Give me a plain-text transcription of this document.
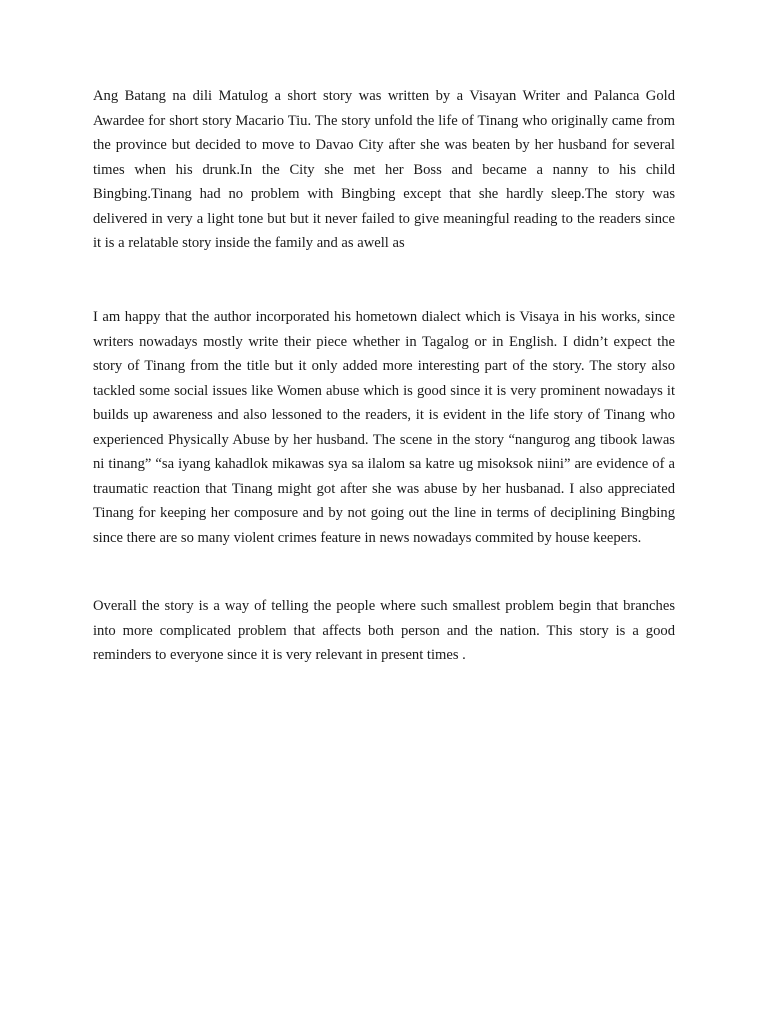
Ang Batang na dili Matulog a short story was written by a Visayan Writer and Palanca Gold Awardee for short story Macario Tiu. The story unfold the life of Tinang who originally came from the province but decided to move to Davao City after she was beaten by her husband for several times when his drunk.In the City she met her Boss and became a nanny to his child Bingbing.Tinang had no problem with Bingbing except that she hardly sleep.The story was delivered in very a light tone but but it never failed to give meaningful reading to the readers since it is a relatable story inside the family and as awell as

I am happy that the author incorporated his hometown dialect which is Visaya in his works, since writers nowadays mostly write their piece whether in Tagalog or in English. I didn’t expect the story of Tinang from the title but it only added more interesting part of the story. The story also tackled some social issues like Women abuse which is good since it is very prominent nowadays it builds up awareness and also lessoned to the readers, it is evident in the life story of Tinang who experienced Physically Abuse by her husband. The scene in the story “nangurog ang tibook lawas ni tinang” “sa iyang kahadlok mikawas sya sa ilalom sa katre ug misoksok niini” are evidence of a traumatic reaction that Tinang might got after she was abuse by her husbanad. I also appreciated Tinang for keeping her composure and by not going out the line in terms of deciplining Bingbing since there are so many violent crimes feature in news nowadays commited by house keepers.

Overall the story is a way of telling the people where such smallest problem begin that branches into more complicated problem that affects both person and the nation. This story is a good reminders to everyone since it is very relevant in present times .
